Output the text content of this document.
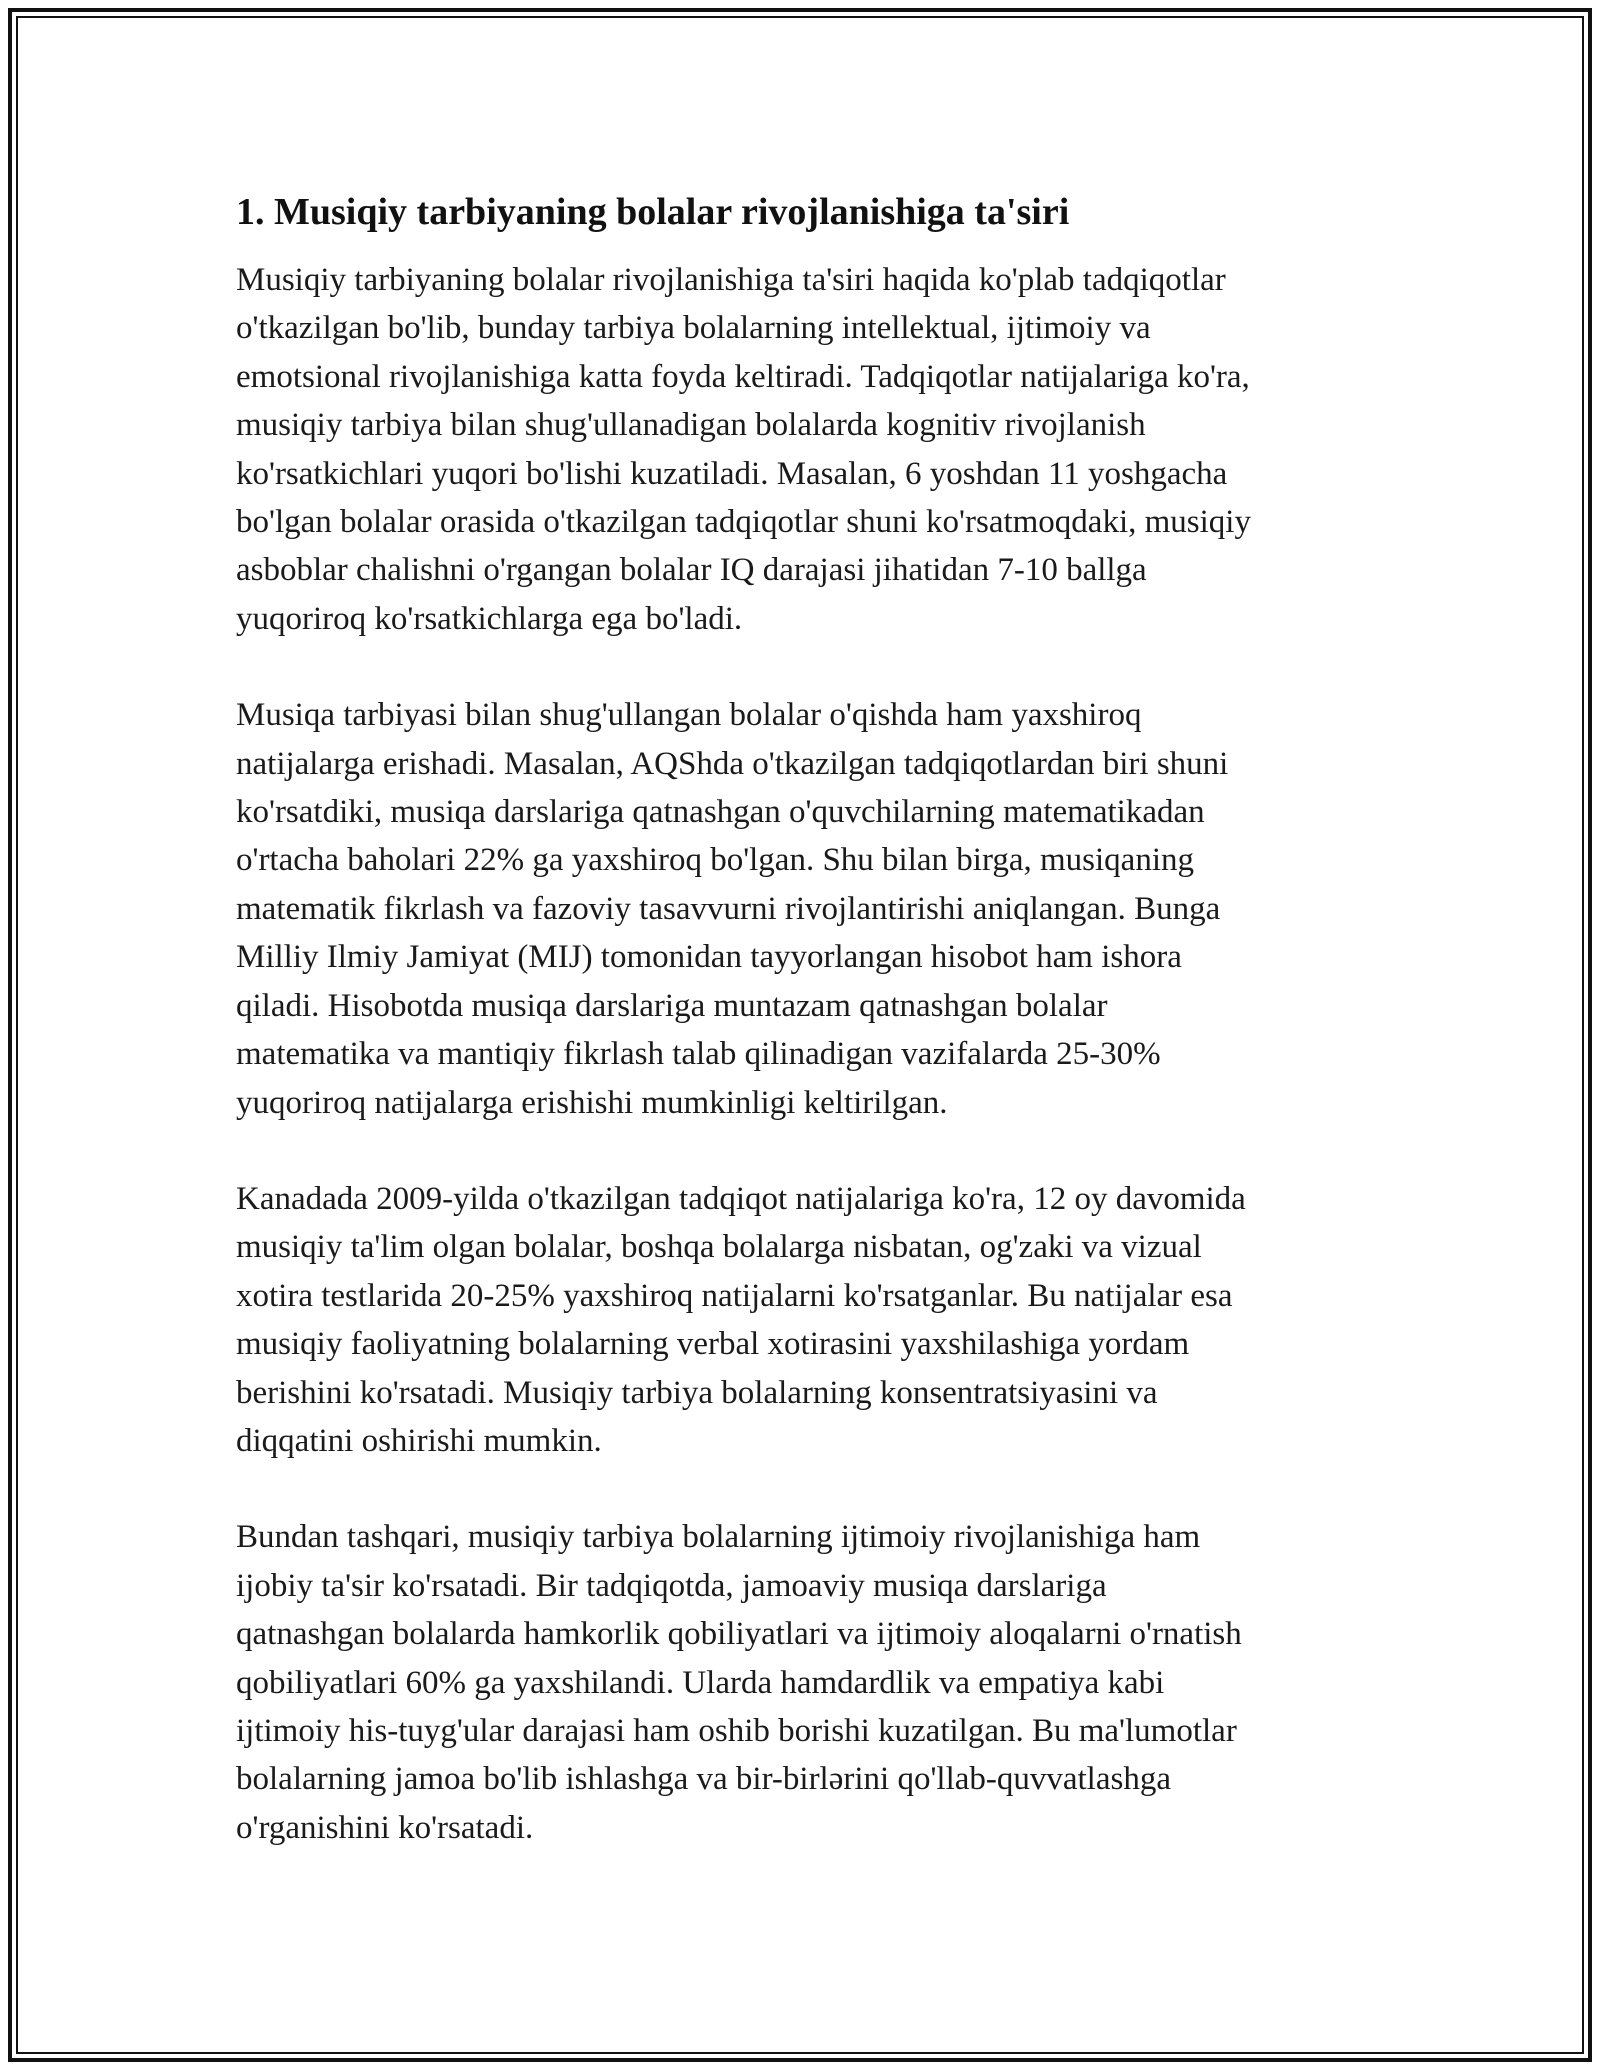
1. Musiqiy tarbiyaning bolalar rivojlanishiga ta'siri

Musiqiy tarbiyaning bolalar rivojlanishiga ta'siri haqida ko'plab tadqiqotlar
o'tkazilgan bo'lib, bunday tarbiya bolalarning intellektual, ijtimoiy va
emotsional rivojlanishiga katta foyda keltiradi. Tadqiqotlar natijalariga ko'ra,
musiqiy tarbiya bilan shug'ullanadigan bolalarda kognitiv rivojlanish
ko'rsatkichlari yuqori bo'lishi kuzatiladi. Masalan, 6 yoshdan 11 yoshgacha
bo'lgan bolalar orasida o'tkazilgan tadqiqotlar shuni ko'rsatmoqdaki, musiqiy
asboblar chalishni o'rgangan bolalar IQ darajasi jihatidan 7-10 ballga
yuqoriroq ko'rsatkichlarga ega bo'ladi.

Musiqa tarbiyasi bilan shug'ullangan bolalar o'qishda ham yaxshiroq
natijalarga erishadi. Masalan, AQShda o'tkazilgan tadqiqotlardan biri shuni
ko'rsatdiki, musiqa darslariga qatnashgan o'quvchilarning matematikadan
o'rtacha baholari 22% ga yaxshiroq bo'lgan. Shu bilan birga, musiqaning
matematik fikrlash va fazoviy tasavvurni rivojlantirishi aniqlangan. Bunga
Milliy Ilmiy Jamiyat (MIJ) tomonidan tayyorlangan hisobot ham ishora
qiladi. Hisobotda musiqa darslariga muntazam qatnashgan bolalar
matematika va mantiqiy fikrlash talab qilinadigan vazifalarda 25-30%
yuqoriroq natijalarga erishishi mumkinligi keltirilgan.

Kanadada 2009-yilda o'tkazilgan tadqiqot natijalariga ko'ra, 12 oy davomida
musiqiy ta'lim olgan bolalar, boshqa bolalarga nisbatan, og'zaki va vizual
xotira testlarida 20-25% yaxshiroq natijalarni ko'rsatganlar. Bu natijalar esa
musiqiy faoliyatning bolalarning verbal xotirasini yaxshilashiga yordam
berishini ko'rsatadi. Musiqiy tarbiya bolalarning konsentratsiyasini va
diqqatini oshirishi mumkin.

Bundan tashqari, musiqiy tarbiya bolalarning ijtimoiy rivojlanishiga ham
ijobiy ta'sir ko'rsatadi. Bir tadqiqotda, jamoaviy musiqa darslariga
qatnashgan bolalarda hamkorlik qobiliyatlari va ijtimoiy aloqalarni o'rnatish
qobiliyatlari 60% ga yaxshilandi. Ularda hamdardlik va empatiya kabi
ijtimoiy his-tuyg'ular darajasi ham oshib borishi kuzatilgan. Bu ma'lumotlar
bolalarning jamoa bo'lib ishlashga va bir-birlərini qo'llab-quvvatlashga
o'rganishini ko'rsatadi.
